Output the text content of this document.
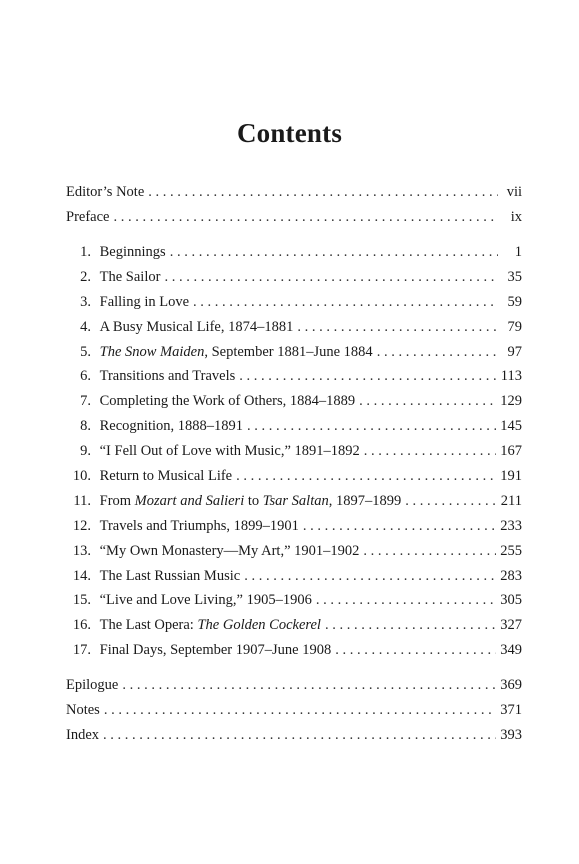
Contents
Editor’s Note . . .	vii
Preface . . .	ix
1. Beginnings . . .	1
2. The Sailor . . .	35
3. Falling in Love . . .	59
4. A Busy Musical Life, 1874–1881 . . .	79
5. The Snow Maiden, September 1881–June 1884 . . .	97
6. Transitions and Travels . . .	113
7. Completing the Work of Others, 1884–1889 . . .	129
8. Recognition, 1888–1891 . . .	145
9. “I Fell Out of Love with Music,” 1891–1892 . . .	167
10. Return to Musical Life . . .	191
11. From Mozart and Salieri to Tsar Saltan, 1897–1899 . . .	211
12. Travels and Triumphs, 1899–1901 . . .	233
13. “My Own Monastery—My Art,” 1901–1902 . . .	255
14. The Last Russian Music . . .	283
15. “Live and Love Living,” 1905–1906 . . .	305
16. The Last Opera: The Golden Cockerel . . .	327
17. Final Days, September 1907–June 1908 . . .	349
Epilogue . . .	369
Notes . . .	371
Index . . .	393
